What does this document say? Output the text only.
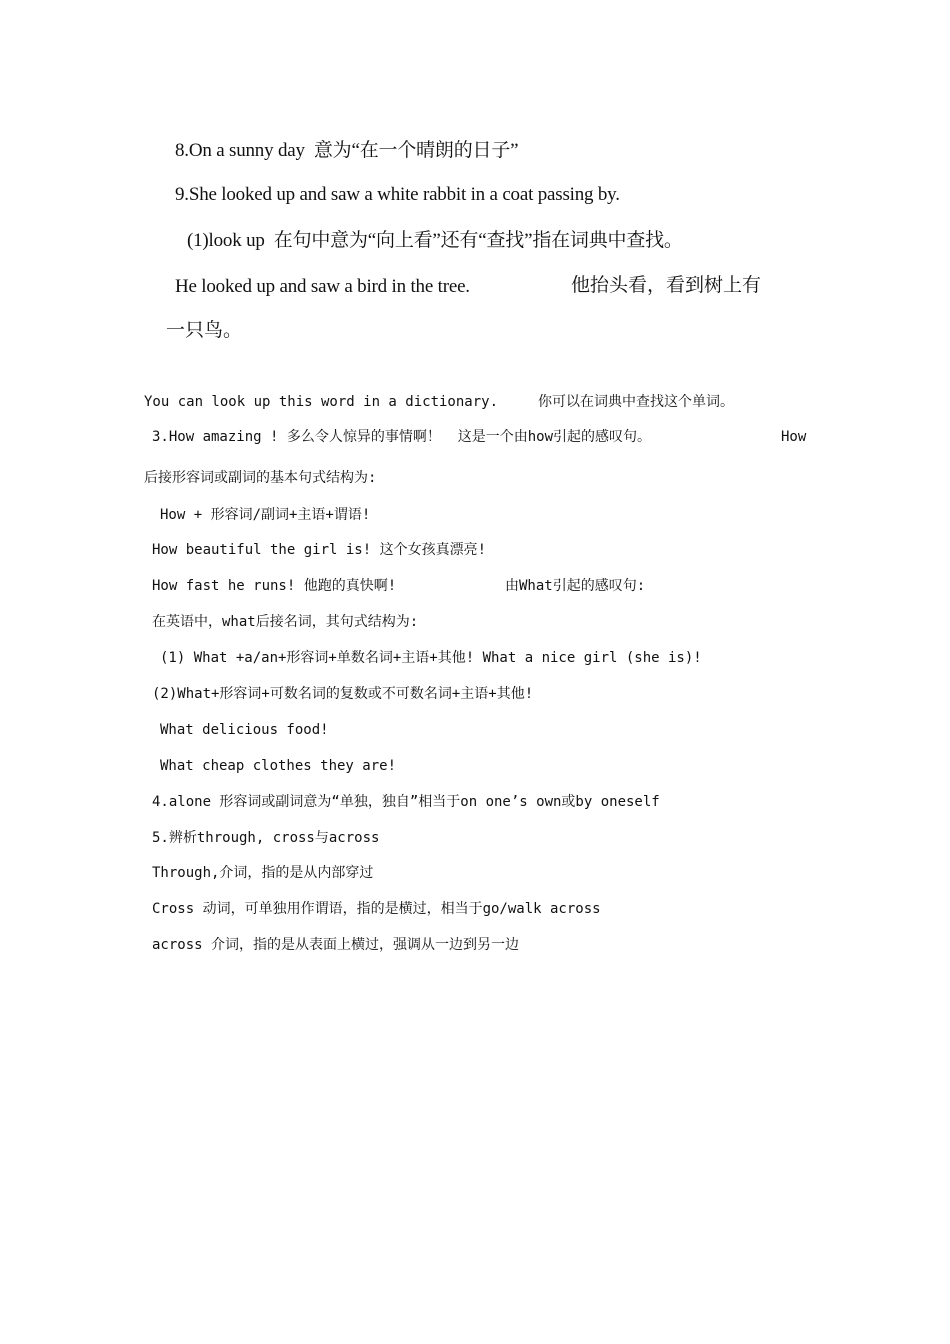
8.On a sunny day  意为“在一个晴朗的日子”
9.She looked up and saw a white rabbit in a coat passing by.
(1)look up  在句中意为“向上看”还有“查找”指在词典中查找。
He looked up and saw a bird in the tree.	他抬头看，看到树上有
一只鸟。
You can look up this word in a dictionary.	你可以在词典中查找这个单词。
3.How amazing ! 多么令人惊异的事情啊！  这是一个由how引起的感叹句。	How
后接形容词或副词的基本句式结构为:
How + 形容词/副词+主语+谓语!
How beautiful the girl is! 这个女孩真漂亮!
How fast he runs! 他跑的真快啊!	由What引起的感叹句:
在英语中，what后接名词，其句式结构为:
(1) What +a/an+形容词+单数名词+主语+其他! What a nice girl (she is)!
(2)What+形容词+可数名词的复数或不可数名词+主语+其他!
What delicious food!
What cheap clothes they are!
4.alone 形容词或副词意为“单独，独自”相当于on one’s own或by oneself
5.辨析through, cross与across
Through,介词，指的是从内部穿过
Cross 动词，可单独用作谓语，指的是横过，相当于go/walk across
across 介词，指的是从表面上横过，强调从一边到另一边
